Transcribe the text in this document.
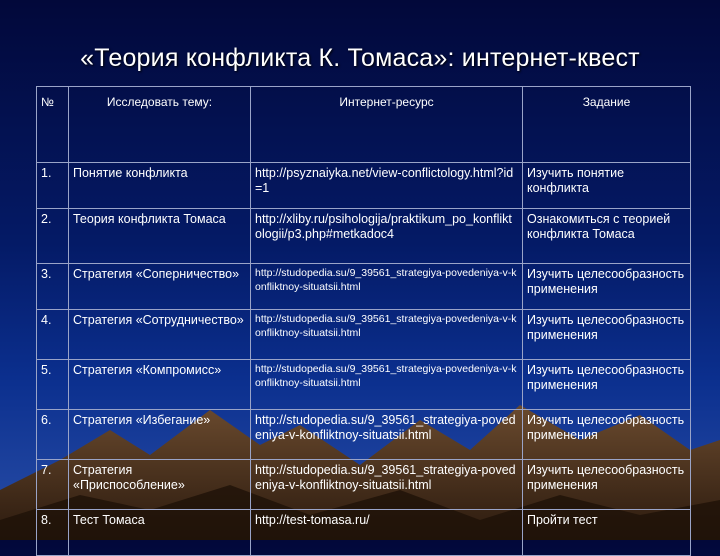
«Теория конфликта К. Томаса»: интернет-квест
№	Исследовать тему:	Интернет-ресурс	Задание
1.	Понятие конфликта	http://psyznaiyka.net/view-conflictology.html?id=1	Изучить понятие конфликта
2.	Теория конфликта Томаса	http://xliby.ru/psihologija/praktikum_po_konfliktologii/p3.php#metkadoc4	Ознакомиться с теорией конфликта Томаса
3.	Стратегия «Соперничество»	http://studopedia.su/9_39561_strategiya-povedeniya-v-konfliktnoy-situatsii.html	Изучить целесообразность применения
4.	Стратегия «Сотрудничество»	http://studopedia.su/9_39561_strategiya-povedeniya-v-konfliktnoy-situatsii.html	Изучить целесообразность применения
5.	Стратегия «Компромисс»	http://studopedia.su/9_39561_strategiya-povedeniya-v-konfliktnoy-situatsii.html	Изучить целесообразность применения
6.	Стратегия «Избегание»	http://studopedia.su/9_39561_strategiya-povedeniya-v-konfliktnoy-situatsii.html	Изучить целесообразность применения
7.	Стратегия «Приспособление»	http://studopedia.su/9_39561_strategiya-povedeniya-v-konfliktnoy-situatsii.html	Изучить целесообразность применения
8.	Тест Томаса	http://test-tomasa.ru/	Пройти тест
